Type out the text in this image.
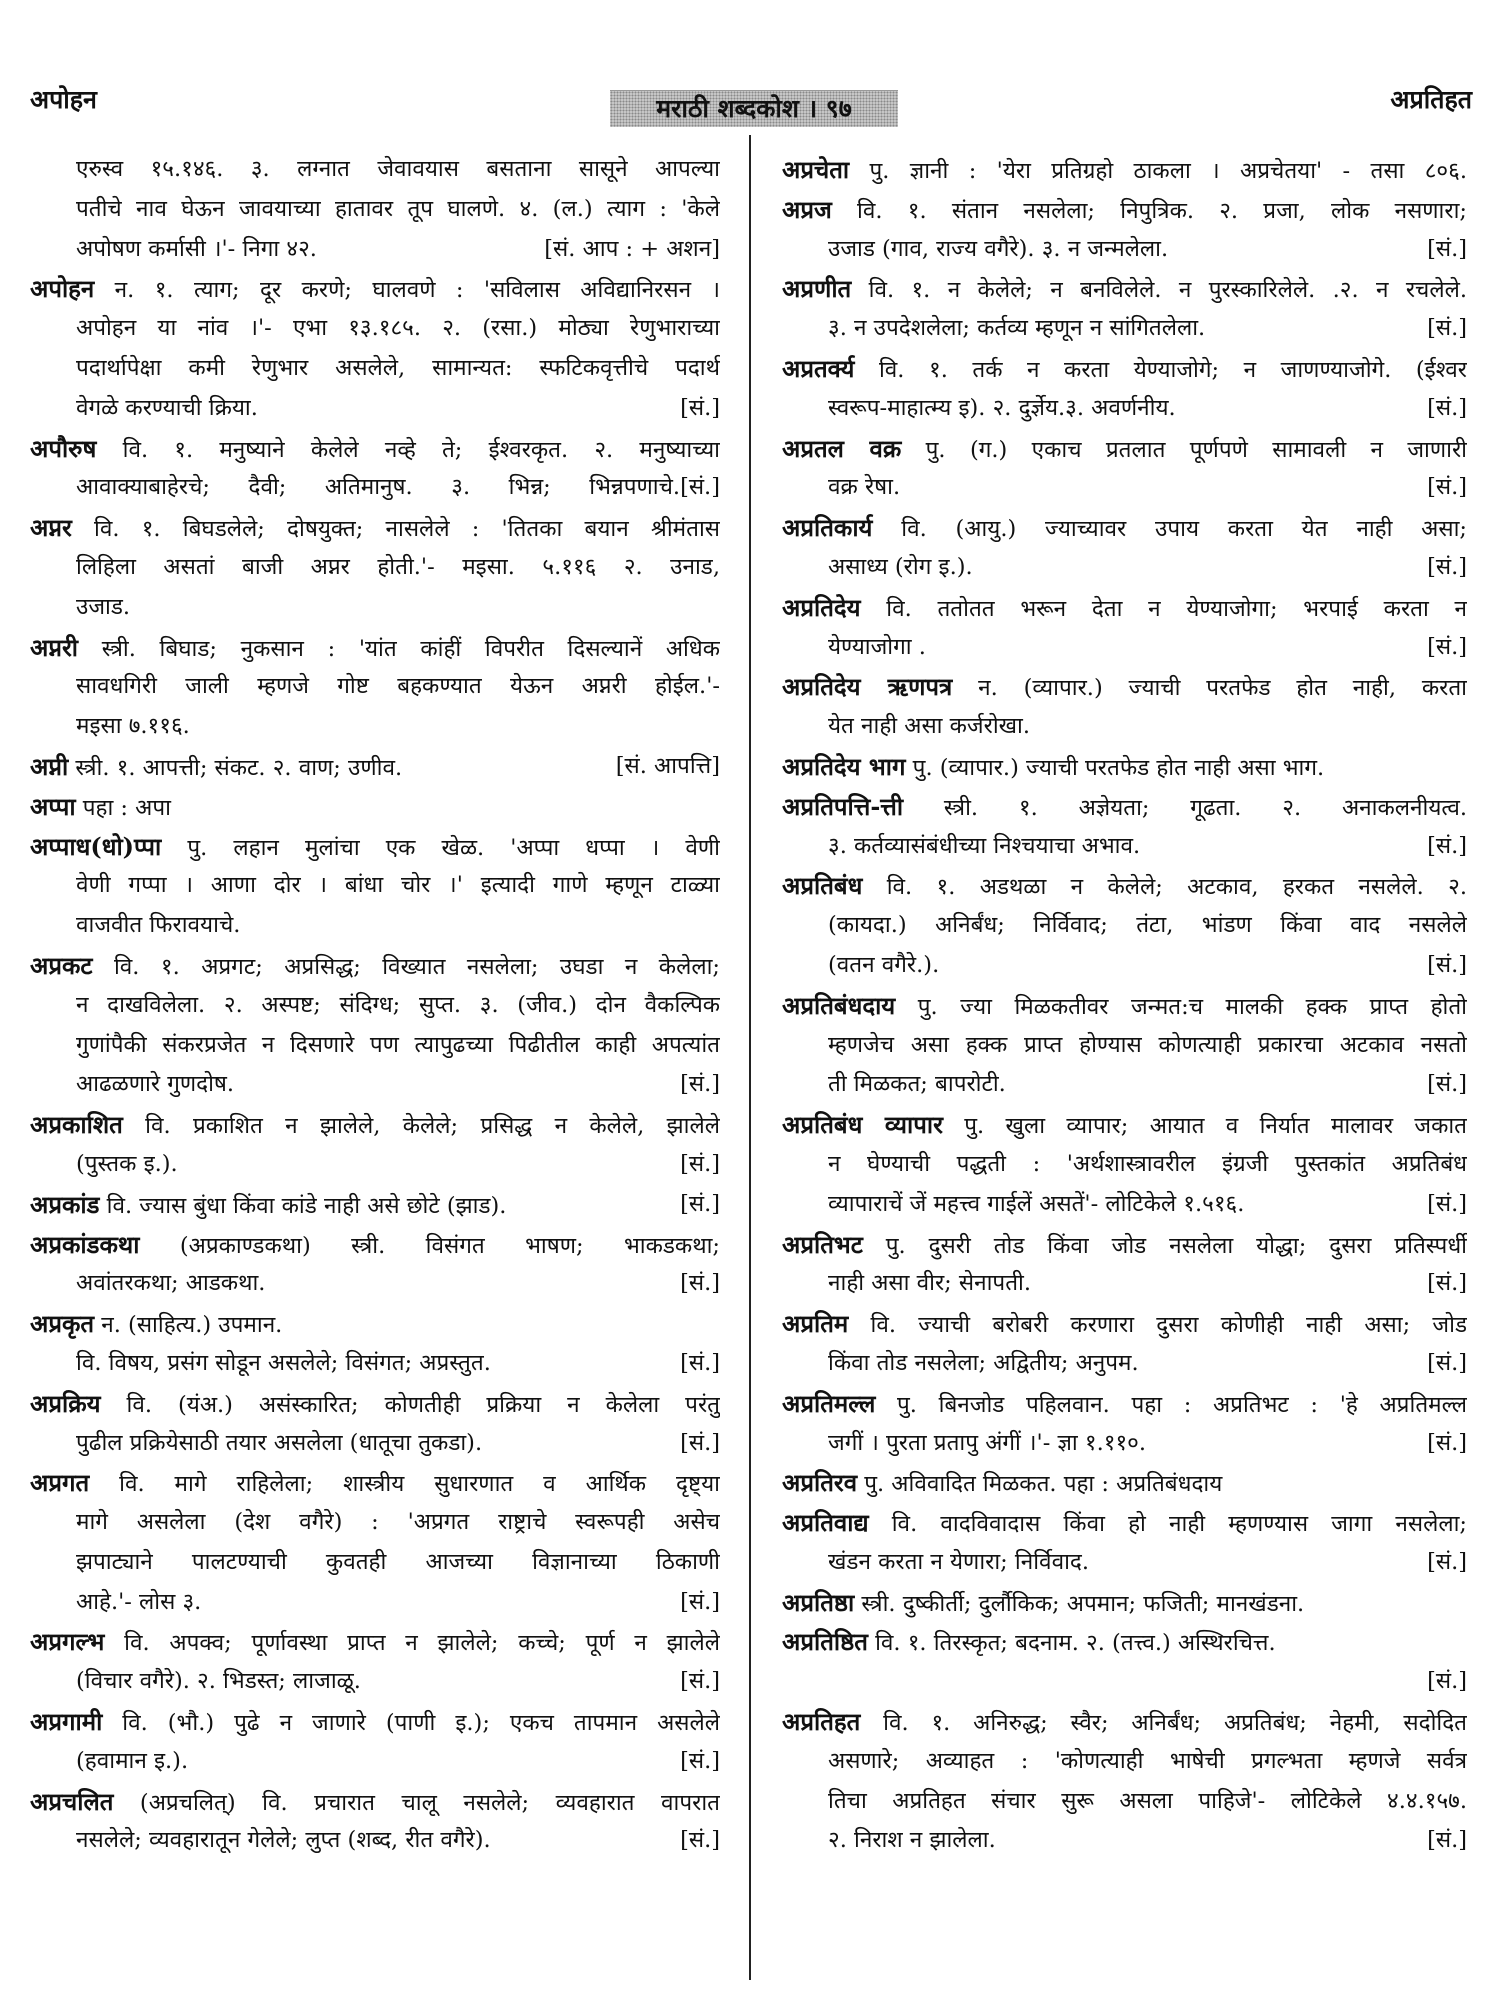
अपोहन	मराठी शब्दकोश । ९७	अप्रतिहत
एरुस्व १५.१४६. ३. लग्नात जेवावयास बसताना सासूने आपल्या
पतीचे नाव घेऊन जावयाच्या हातावर तूप घालणे. ४. (ल.) त्याग : 'केले
[सं. आप : + अशन]
अपोषण कर्मासी ।'- निगा ४२.
अपोहन न. १. त्याग; दूर करणे; घालवणे : 'सविलास अविद्यानिरसन ।
अपोहन या नांव ।'- एभा १३.१८५. २. (रसा.) मोठ्या रेणुभाराच्या
पदार्थापेक्षा कमी रेणुभार असलेले, सामान्यत: स्फटिकवृत्तीचे पदार्थ
[सं.]
वेगळे करण्याची क्रिया.
अपौरुष वि. १. मनुष्याने केलेले नव्हे ते; ईश्वरकृत. २. मनुष्याच्या
आवाक्याबाहेरचे; दैवी; अतिमानुष. ३. भिन्न; भिन्नपणाचे.[सं.]
अप्नर वि. १. बिघडलेले; दोषयुक्त; नासलेले : 'तितका बयान श्रीमंतास
लिहिला असतां बाजी अप्नर होती.'- मइसा. ५.११६ २. उनाड,
उजाड.
अप्नरी स्त्री. बिघाड; नुकसान : 'यांत कांहीं विपरीत दिसल्यानें अधिक
सावधगिरी जाली म्हणजे गोष्ट बहकण्यात येऊन अप्नरी होईल.'-
मइसा ७.११६.
[सं. आपत्ति]
अप्नी स्त्री. १. आपत्ती; संकट. २. वाण; उणीव.
अप्पा पहा : अपा
अप्पाध(धो)प्पा पु. लहान मुलांचा एक खेळ. 'अप्पा धप्पा । वेणी
वेणी गप्पा । आणा दोर । बांधा चोर ।' इत्यादी गाणे म्हणून टाळ्या
वाजवीत फिरावयाचे.
अप्रकट वि. १. अप्रगट; अप्रसिद्ध; विख्यात नसलेला; उघडा न केलेला;
न दाखविलेला. २. अस्पष्ट; संदिग्ध; सुप्त. ३. (जीव.) दोन वैकल्पिक
गुणांपैकी संकरप्रजेत न दिसणारे पण त्यापुढच्या पिढीतील काही अपत्यांत
[सं.]
आढळणारे गुणदोष.
अप्रकाशित वि. प्रकाशित न झालेले, केलेले; प्रसिद्ध न केलेले, झालेले
[सं.]
(पुस्तक इ.).
[सं.]
अप्रकांड वि. ज्यास बुंधा किंवा कांडे नाही असे छोटे (झाड).
अप्रकांडकथा (अप्रकाण्डकथा) स्त्री. विसंगत भाषण; भाकडकथा;
[सं.]
अवांतरकथा; आडकथा.
अप्रकृत न. (साहित्य.) उपमान.
[सं.]
वि. विषय, प्रसंग सोडून असलेले; विसंगत; अप्रस्तुत.
अप्रक्रिय वि. (यंअ.) असंस्कारित; कोणतीही प्रक्रिया न केलेला परंतु
[सं.]
पुढील प्रक्रियेसाठी तयार असलेला (धातूचा तुकडा).
अप्रगत वि. मागे राहिलेला; शास्त्रीय सुधारणात व आर्थिक दृष्ट्या
मागे असलेला (देश वगैरे) : 'अप्रगत राष्ट्राचे स्वरूपही असेच
झपाट्याने पालटण्याची कुवतही आजच्या विज्ञानाच्या ठिकाणी
[सं.]
आहे.'- लोस ३.
अप्रगल्भ वि. अपक्व; पूर्णावस्था प्राप्त न झालेले; कच्चे; पूर्ण न झालेले
[सं.]
(विचार वगैरे). २. भिडस्त; लाजाळू.
अप्रगामी वि. (भौ.) पुढे न जाणारे (पाणी इ.); एकच तापमान असलेले
[सं.]
(हवामान इ.).
अप्रचलित (अप्रचलित्) वि. प्रचारात चालू नसलेले; व्यवहारात वापरात
[सं.]
नसलेले; व्यवहारातून गेलेले; लुप्त (शब्द, रीत वगैरे).
अप्रचेता पु. ज्ञानी : 'येरा प्रतिग्रहो ठाकला । अप्रचेतया' - तसा ८०६.
अप्रज वि. १. संतान नसलेला; निपुत्रिक. २. प्रजा, लोक नसणारा;
[सं.]
उजाड (गाव, राज्य वगैरे). ३. न जन्मलेला.
अप्रणीत वि. १. न केलेले; न बनविलेले. न पुरस्कारिलेले. .२. न रचलेले.
[सं.]
३. न उपदेशलेला; कर्तव्य म्हणून न सांगितलेला.
अप्रतर्क्य वि. १. तर्क न करता येण्याजोगे; न जाणण्याजोगे. (ईश्वर
[सं.]
स्वरूप-माहात्म्य इ). २. दुर्ज्ञेय.३. अवर्णनीय.
अप्रतल वक्र पु. (ग.) एकाच प्रतलात पूर्णपणे सामावली न जाणारी
[सं.]
वक्र रेषा.
अप्रतिकार्य वि. (आयु.) ज्याच्यावर उपाय करता येत नाही असा;
[सं.]
असाध्य (रोग इ.).
अप्रतिदेय वि. ततोतत भरून देता न येण्याजोगा; भरपाई करता न
[सं.]
येण्याजोगा .
अप्रतिदेय ऋणपत्र न. (व्यापार.) ज्याची परतफेड होत नाही, करता
येत नाही असा कर्जरोखा.
अप्रतिदेय भाग पु. (व्यापार.) ज्याची परतफेड होत नाही असा भाग.
अप्रतिपत्ति-त्ती स्त्री. १. अज्ञेयता; गूढता. २. अनाकलनीयत्व.
[सं.]
३. कर्तव्यासंबंधीच्या निश्चयाचा अभाव.
अप्रतिबंध वि. १. अडथळा न केलेले; अटकाव, हरकत नसलेले. २.
(कायदा.) अनिर्बंध; निर्विवाद; तंटा, भांडण किंवा वाद नसलेले
[सं.]
(वतन वगैरे.).
अप्रतिबंधदाय पु. ज्या मिळकतीवर जन्मत:च मालकी हक्क प्राप्त होतो
म्हणजेच असा हक्क प्राप्त होण्यास कोणत्याही प्रकारचा अटकाव नसतो
[सं.]
ती मिळकत; बापरोटी.
अप्रतिबंध व्यापार पु. खुला व्यापार; आयात व निर्यात मालावर जकात
न घेण्याची पद्धती : 'अर्थशास्त्रावरील इंग्रजी पुस्तकांत अप्रतिबंध
[सं.]
व्यापाराचें जें महत्त्व गाईलें असतें'- लोटिकेले १.५१६.
अप्रतिभट पु. दुसरी तोड किंवा जोड नसलेला योद्धा; दुसरा प्रतिस्पर्धी
[सं.]
नाही असा वीर; सेनापती.
अप्रतिम वि. ज्याची बरोबरी करणारा दुसरा कोणीही नाही असा; जोड
[सं.]
किंवा तोड नसलेला; अद्वितीय; अनुपम.
अप्रतिमल्ल पु. बिनजोड पहिलवान. पहा : अप्रतिभट : 'हे अप्रतिमल्ल
[सं.]
जगीं । पुरता प्रतापु अंगीं ।'- ज्ञा १.११०.
अप्रतिरव पु. अविवादित मिळकत. पहा : अप्रतिबंधदाय
अप्रतिवाद्य वि. वादविवादास किंवा हो नाही म्हणण्यास जागा नसलेला;
[सं.]
खंडन करता न येणारा; निर्विवाद.
अप्रतिष्ठा स्त्री. दुष्कीर्ती; दुर्लौकिक; अपमान; फजिती; मानखंडना.
अप्रतिष्ठित वि. १. तिरस्कृत; बदनाम. २. (तत्त्व.) अस्थिरचित्त.
[सं.]
अप्रतिहत वि. १. अनिरुद्ध; स्वैर; अनिर्बंध; अप्रतिबंध; नेहमी, सदोदित
असणारे; अव्याहत : 'कोणत्याही भाषेची प्रगल्भता म्हणजे सर्वत्र
तिचा अप्रतिहत संचार सुरू असला पाहिजे'- लोटिकेले ४.४.१५७.
[सं.]
२. निराश न झालेला.
